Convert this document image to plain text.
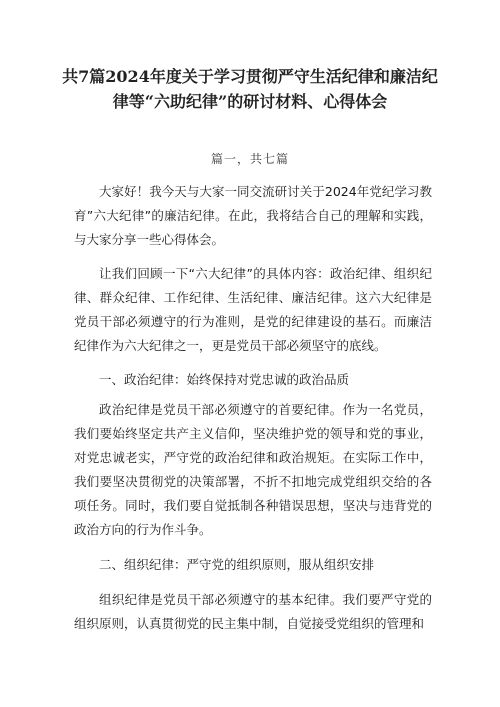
共7篇2024年度关于学习贯彻严守生活纪律和廉洁纪律等“六助纪律”的研讨材料、心得体会
篇一，共七篇

大家好！我今天与大家一同交流研讨关于2024年党纪学习教育”六大纪律”的廉洁纪律。在此，我将结合自己的理解和实践，与大家分享一些心得体会。

让我们回顾一下“六大纪律”的具体内容：政治纪律、组织纪律、群众纪律、工作纪律、生活纪律、廉洁纪律。这六大纪律是党员干部必须遵守的行为准则，是党的纪律建设的基石。而廉洁纪律作为六大纪律之一，更是党员干部必须坚守的底线。

一、政治纪律：始终保持对党忠诚的政治品质

政治纪律是党员干部必须遵守的首要纪律。作为一名党员，我们要始终坚定共产主义信仰，坚决维护党的领导和党的事业，对党忠诚老实，严守党的政治纪律和政治规矩。在实际工作中，我们要坚决贯彻党的决策部署，不折不扣地完成党组织交给的各项任务。同时，我们要自觉抵制各种错误思想，坚决与违背党的政治方向的行为作斗争。

二、组织纪律：严守党的组织原则，服从组织安排

组织纪律是党员干部必须遵守的基本纪律。我们要严守党的组织原则，认真贯彻党的民主集中制，自觉接受党组织的管理和
